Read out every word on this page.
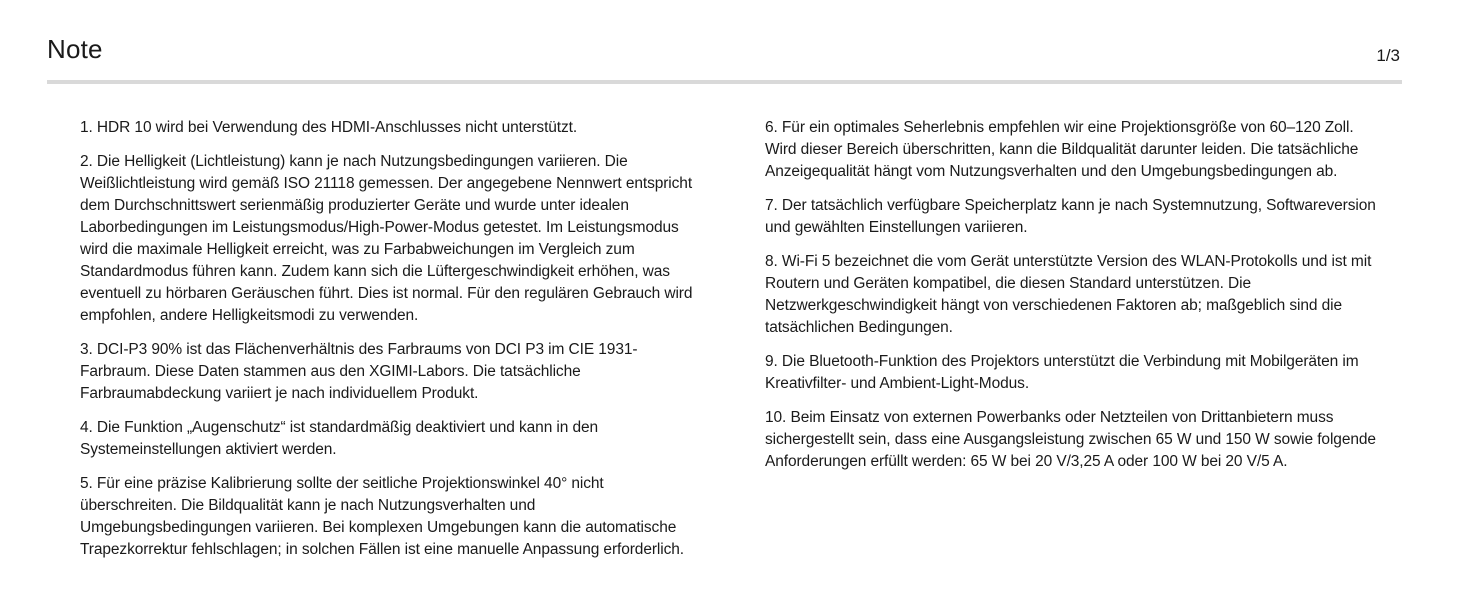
Note	1/3

1. HDR 10 wird bei Verwendung des HDMI-Anschlusses nicht unterstützt.

2. Die Helligkeit (Lichtleistung) kann je nach Nutzungsbedingungen variieren. Die Weißlichtleistung wird gemäß ISO 21118 gemessen. Der angegebene Nennwert entspricht dem Durchschnittswert serienmäßig produzierter Geräte und wurde unter idealen Laborbedingungen im Leistungsmodus/High-Power-Modus getestet. Im Leistungsmodus wird die maximale Helligkeit erreicht, was zu Farbabweichungen im Vergleich zum Standardmodus führen kann. Zudem kann sich die Lüftergeschwindigkeit erhöhen, was eventuell zu hörbaren Geräuschen führt. Dies ist normal. Für den regulären Gebrauch wird empfohlen, andere Helligkeitsmodi zu verwenden.

3. DCI-P3 90% ist das Flächenverhältnis des Farbraums von DCI P3 im CIE 1931-Farbraum. Diese Daten stammen aus den XGIMI-Labors. Die tatsächliche Farbraumabdeckung variiert je nach individuellem Produkt.

4. Die Funktion „Augenschutz“ ist standardmäßig deaktiviert und kann in den Systemeinstellungen aktiviert werden.

5. Für eine präzise Kalibrierung sollte der seitliche Projektionswinkel 40° nicht überschreiten. Die Bildqualität kann je nach Nutzungsverhalten und Umgebungsbedingungen variieren. Bei komplexen Umgebungen kann die automatische Trapezkorrektur fehlschlagen; in solchen Fällen ist eine manuelle Anpassung erforderlich.

6. Für ein optimales Seherlebnis empfehlen wir eine Projektionsgröße von 60–120 Zoll. Wird dieser Bereich überschritten, kann die Bildqualität darunter leiden. Die tatsächliche Anzeigequalität hängt vom Nutzungsverhalten und den Umgebungsbedingungen ab.

7. Der tatsächlich verfügbare Speicherplatz kann je nach Systemnutzung, Softwareversion und gewählten Einstellungen variieren.

8. Wi-Fi 5 bezeichnet die vom Gerät unterstützte Version des WLAN-Protokolls und ist mit Routern und Geräten kompatibel, die diesen Standard unterstützen. Die Netzwerkgeschwindigkeit hängt von verschiedenen Faktoren ab; maßgeblich sind die tatsächlichen Bedingungen.

9. Die Bluetooth-Funktion des Projektors unterstützt die Verbindung mit Mobilgeräten im Kreativfilter- und Ambient-Light-Modus.

10. Beim Einsatz von externen Powerbanks oder Netzteilen von Drittanbietern muss sichergestellt sein, dass eine Ausgangsleistung zwischen 65 W und 150 W sowie folgende Anforderungen erfüllt werden: 65 W bei 20 V/3,25 A oder 100 W bei 20 V/5 A.
